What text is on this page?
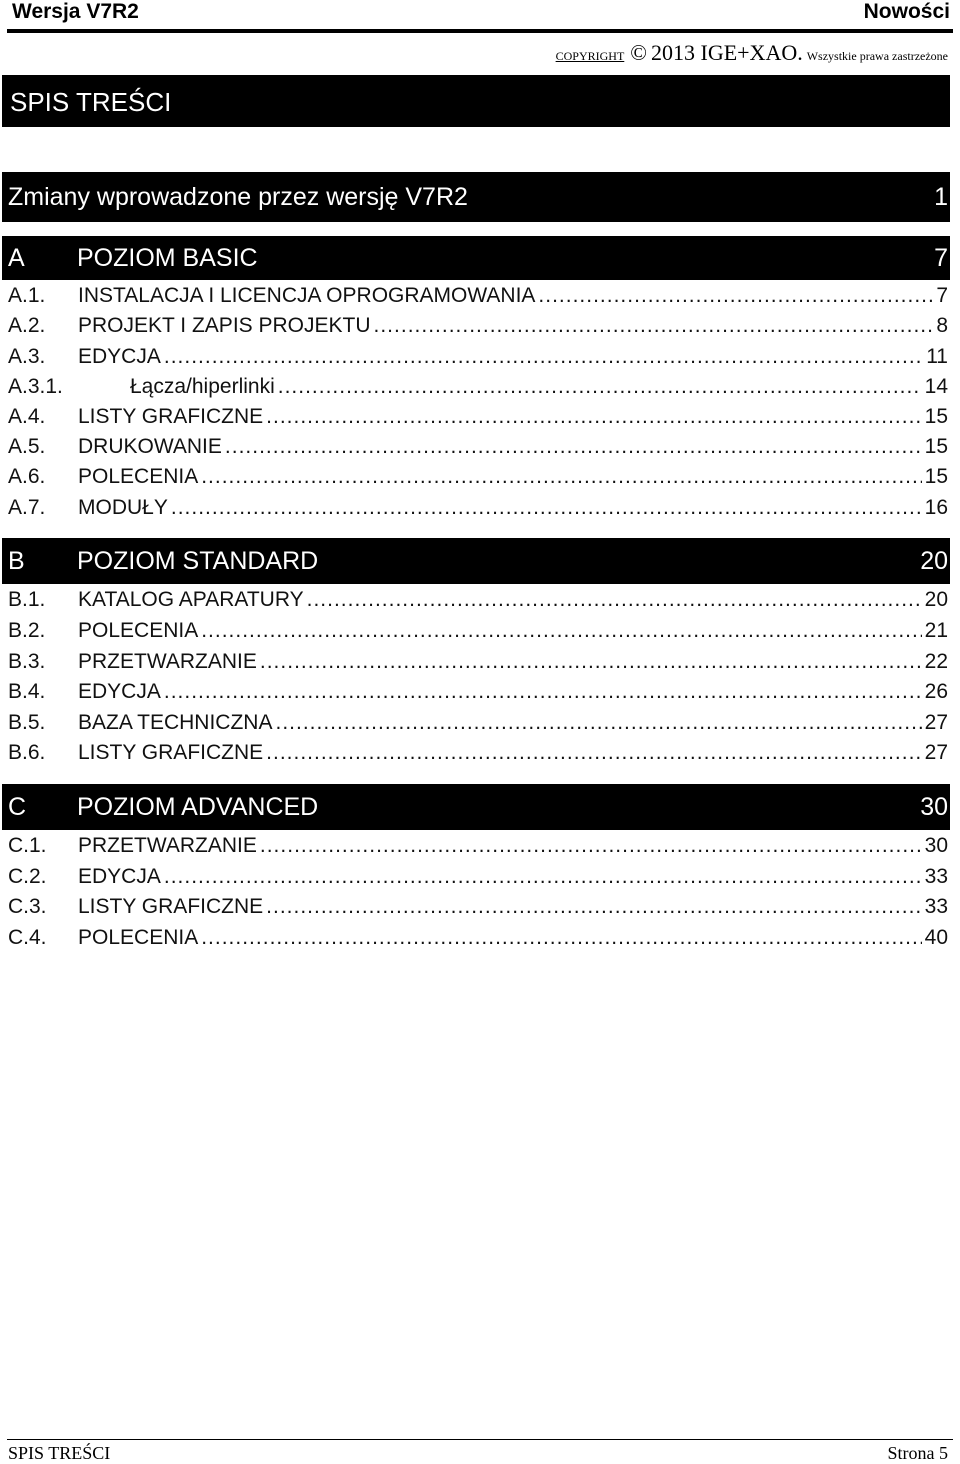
Wersja V7R2	Nowości
COPYRIGHT © 2013 IGE+XAO. Wszystkie prawa zastrzeżone
SPIS TREŚCI
Zmiany wprowadzone przez wersję V7R2	1
A POZIOM BASIC	7
A.1. INSTALACJA I LICENCJA OPROGRAMOWANIA .....	7
A.2. PROJEKT I ZAPIS PROJEKTU .....	8
A.3. EDYCJA .....	11
A.3.1.	Łącza/hiperlinki .....	14
A.4. LISTY GRAFICZNE .....	15
A.5. DRUKOWANIE .....	15
A.6. POLECENIA .....	15
A.7. MODUŁY .....	16
B POZIOM STANDARD	20
B.1. KATALOG APARATURY .....	20
B.2. POLECENIA .....	21
B.3. PRZETWARZANIE .....	22
B.4. EDYCJA .....	26
B.5. BAZA TECHNICZNA .....	27
B.6. LISTY GRAFICZNE .....	27
C POZIOM ADVANCED	30
C.1. PRZETWARZANIE .....	30
C.2. EDYCJA .....	33
C.3. LISTY GRAFICZNE .....	33
C.4. POLECENIA .....	40
SPIS TREŚCI	Strona 5
